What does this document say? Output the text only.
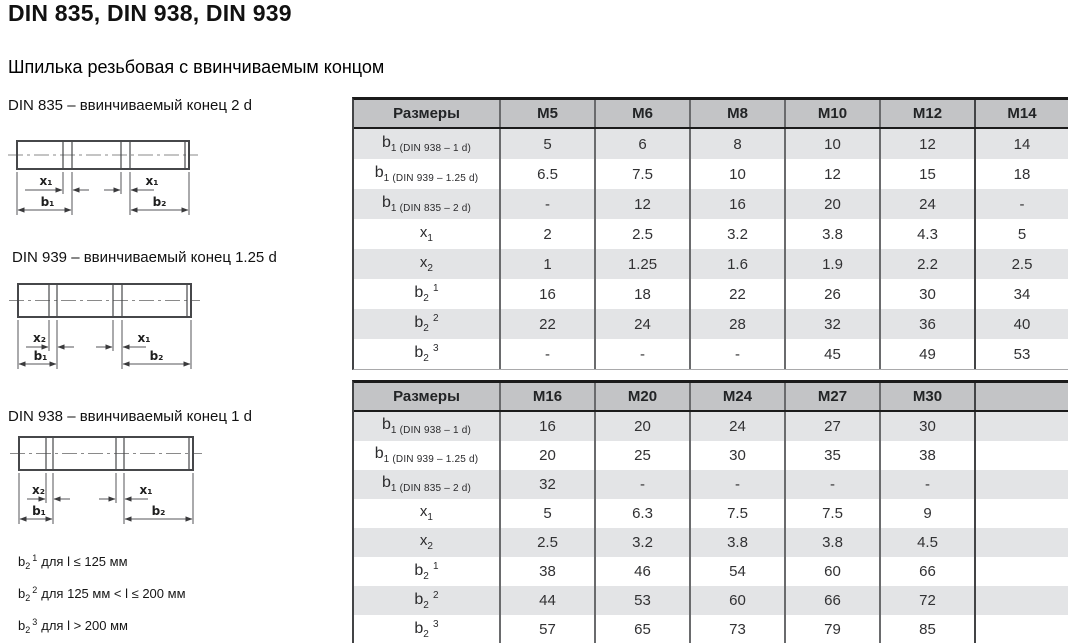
DIN 835, DIN 938, DIN 939
Шпилька резьбовая с ввинчиваемым концом
DIN 835 – ввинчиваемый конец 2 d
x₁	x₁
b₁	b₂
DIN 939 – ввинчиваемый конец 1.25 d
x₂	x₁
b₁	b₂
DIN 938 – ввинчиваемый конец 1 d
x₂	x₁
b₁	b₂
Размеры	M5	M6	M8	M10	M12	M14
$b_{1 (DIN 938 - 1 d)}$	5	6	8	10	12	14
$b_{1 (DIN 939 - 1.25 d)}$	6.5	7.5	10	12	15	18
$b_{1 (DIN 835 - 2 d)}$	-	12	16	20	24	-
$x_1$	2	2.5	3.2	3.8	4.3	5
$x_2$	1	1.25	1.6	1.9	2.2	2.5
$b_2^1$	16	18	22	26	30	34
$b_2^2$	22	24	28	32	36	40
$b_2^3$	-	-	-	45	49	53
Размеры	M16	M20	M24	M27	M30
$b_{1 (DIN 938 - 1 d)}$	16	20	24	27	30
$b_{1 (DIN 939 - 1.25 d)}$	20	25	30	35	38
$b_{1 (DIN 835 - 2 d)}$	32	-	-	-	-
$x_1$	5	6.3	7.5	7.5	9
$x_2$	2.5	3.2	3.8	3.8	4.5
$b_2^1$	38	46	54	60	66
$b_2^2$	44	53	60	66	72
$b_2^3$	57	65	73	79	85
$b_2^1$ для l ≤ 125 мм
$b_2^2$ для 125 мм < l ≤ 200 мм
$b_2^3$ для l > 200 мм
